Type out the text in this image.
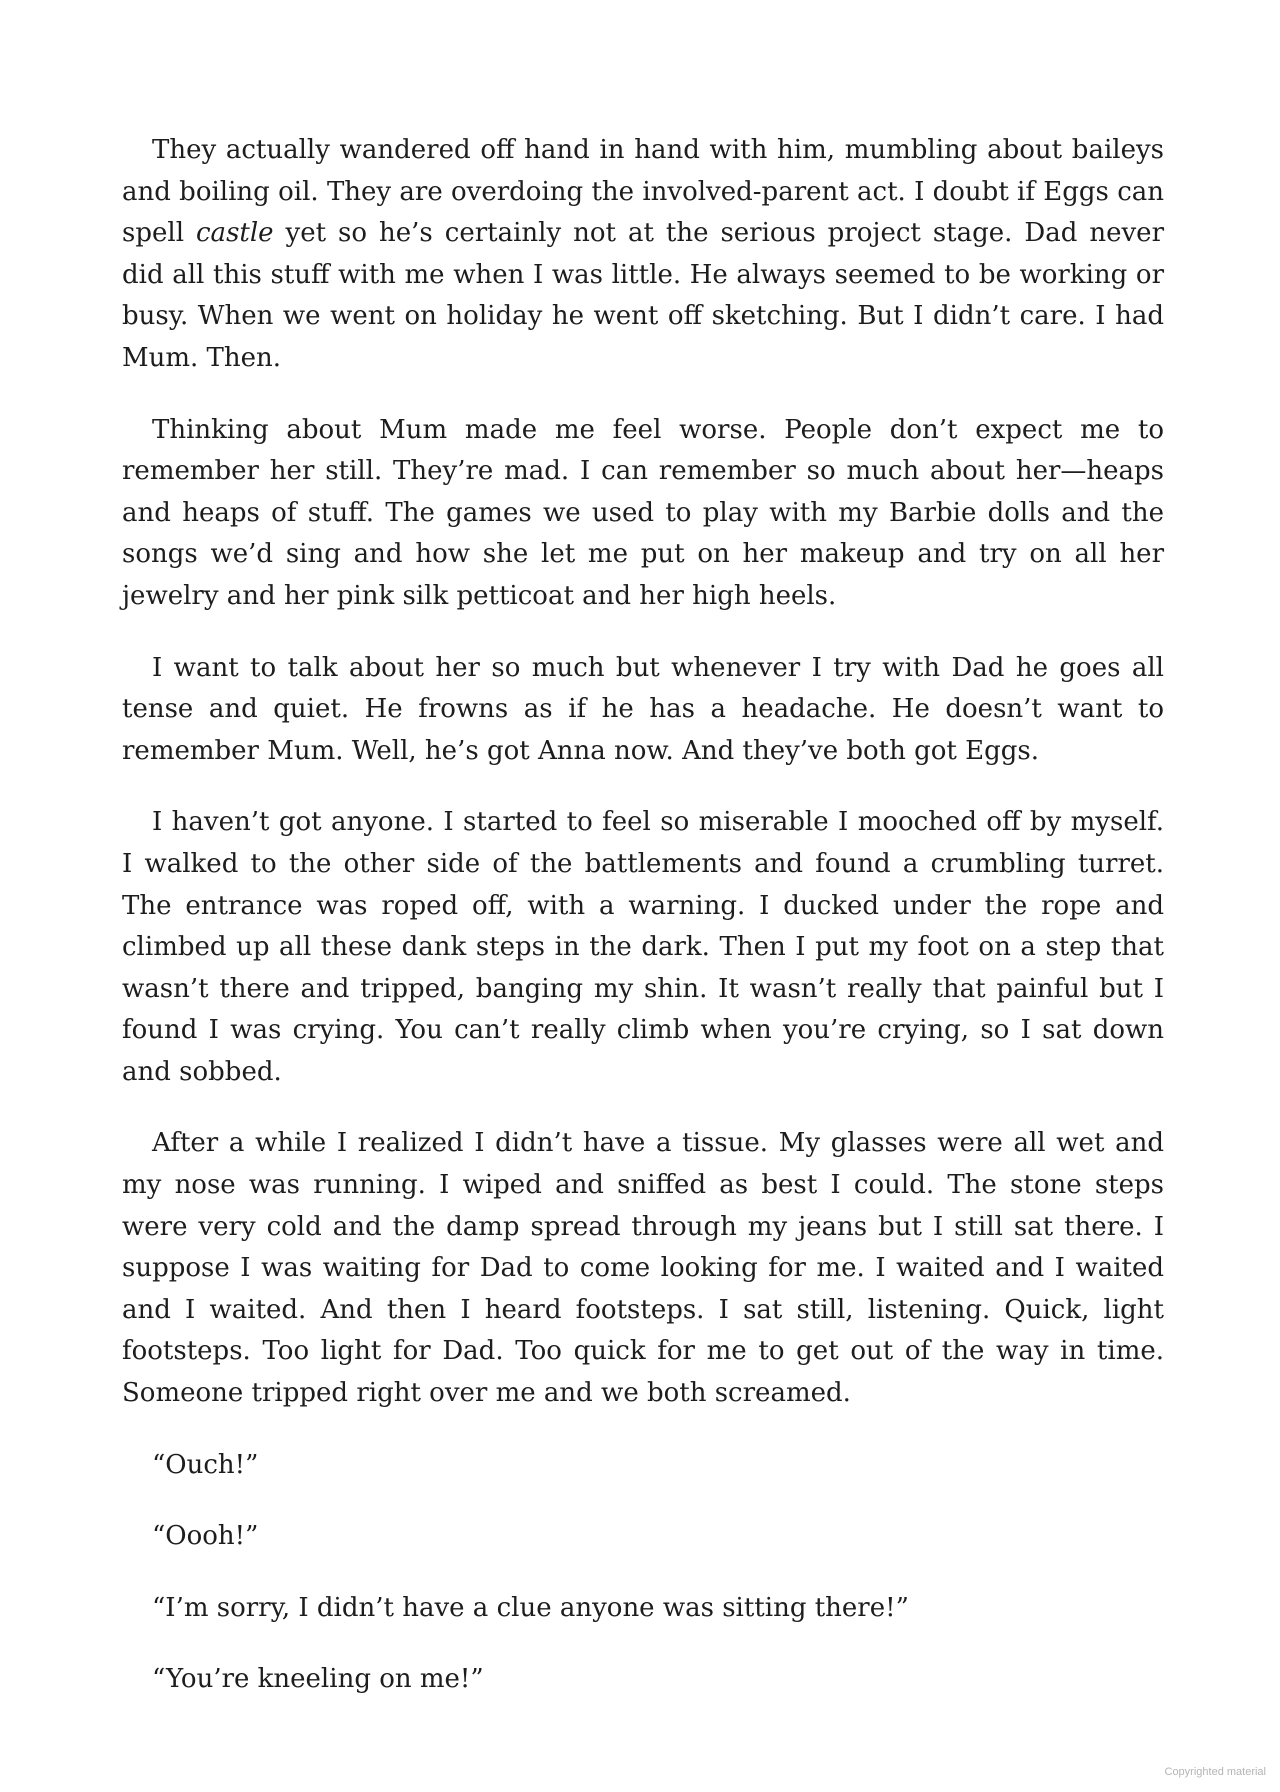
They actually wandered off hand in hand with him, mumbling about baileys and boiling oil. They are overdoing the involved-parent act. I doubt if Eggs can spell castle yet so he’s certainly not at the serious project stage. Dad never did all this stuff with me when I was little. He always seemed to be working or busy. When we went on holiday he went off sketching. But I didn’t care. I had Mum. Then.

Thinking about Mum made me feel worse. People don’t expect me to remember her still. They’re mad. I can remember so much about her—heaps and heaps of stuff. The games we used to play with my Barbie dolls and the songs we’d sing and how she let me put on her makeup and try on all her jewelry and her pink silk petticoat and her high heels.

I want to talk about her so much but whenever I try with Dad he goes all tense and quiet. He frowns as if he has a headache. He doesn’t want to remember Mum. Well, he’s got Anna now. And they’ve both got Eggs.

I haven’t got anyone. I started to feel so miserable I mooched off by myself. I walked to the other side of the battlements and found a crumbling turret. The entrance was roped off, with a warning. I ducked under the rope and climbed up all these dank steps in the dark. Then I put my foot on a step that wasn’t there and tripped, banging my shin. It wasn’t really that painful but I found I was crying. You can’t really climb when you’re crying, so I sat down and sobbed.

After a while I realized I didn’t have a tissue. My glasses were all wet and my nose was running. I wiped and sniffed as best I could. The stone steps were very cold and the damp spread through my jeans but I still sat there. I suppose I was waiting for Dad to come looking for me. I waited and I waited and I waited. And then I heard footsteps. I sat still, listening. Quick, light footsteps. Too light for Dad. Too quick for me to get out of the way in time. Someone tripped right over me and we both screamed.

“Ouch!”

“Oooh!”

“I’m sorry, I didn’t have a clue anyone was sitting there!”

“You’re kneeling on me!”

Copyrighted material
